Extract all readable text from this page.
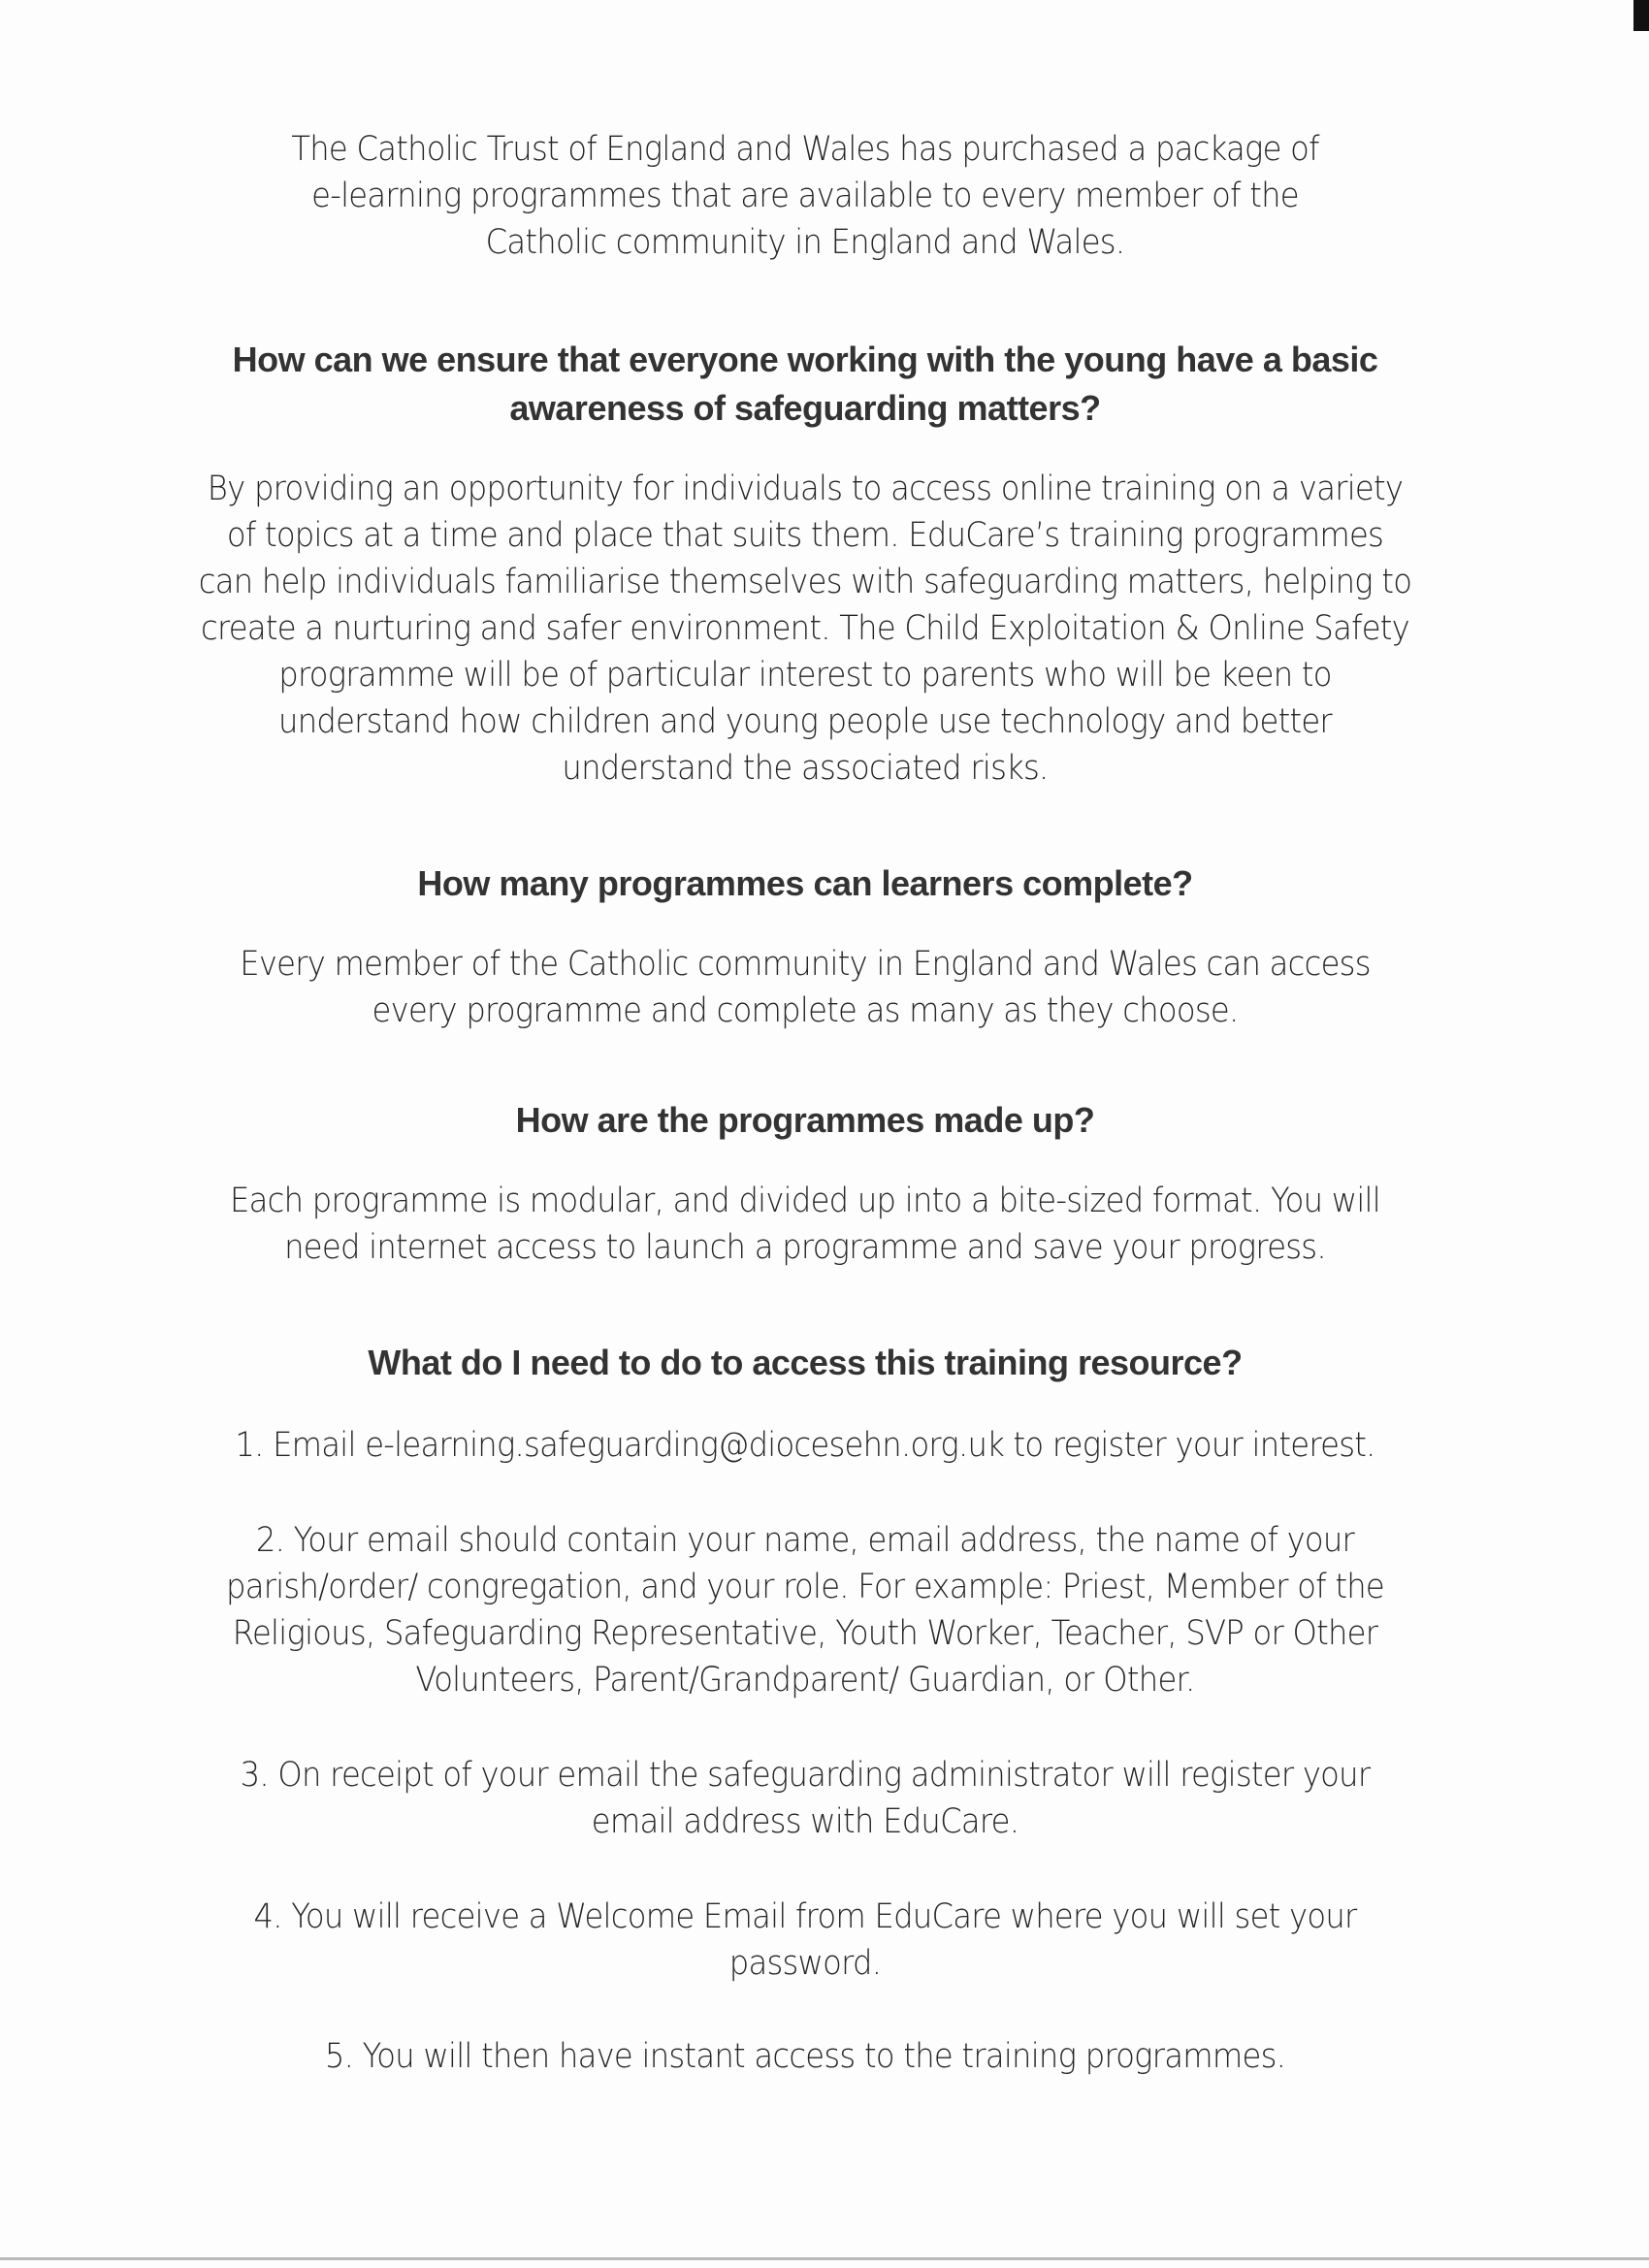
The Catholic Trust of England and Wales has purchased a package of e-learning programmes that are available to every member of the Catholic community in England and Wales.

How can we ensure that everyone working with the young have a basic awareness of safeguarding matters?

By providing an opportunity for individuals to access online training on a variety of topics at a time and place that suits them. EduCare’s training programmes can help individuals familiarise themselves with safeguarding matters, helping to create a nurturing and safer environment. The Child Exploitation & Online Safety programme will be of particular interest to parents who will be keen to understand how children and young people use technology and better understand the associated risks.

How many programmes can learners complete?

Every member of the Catholic community in England and Wales can access every programme and complete as many as they choose.

How are the programmes made up?

Each programme is modular, and divided up into a bite-sized format. You will need internet access to launch a programme and save your progress.

What do I need to do to access this training resource?

1. Email e-learning.safeguarding@diocesehn.org.uk to register your interest.

2. Your email should contain your name, email address, the name of your parish/order/ congregation, and your role. For example: Priest, Member of the Religious, Safeguarding Representative, Youth Worker, Teacher, SVP or Other Volunteers, Parent/Grandparent/ Guardian, or Other.

3. On receipt of your email the safeguarding administrator will register your email address with EduCare.

4. You will receive a Welcome Email from EduCare where you will set your password.

5. You will then have instant access to the training programmes.
